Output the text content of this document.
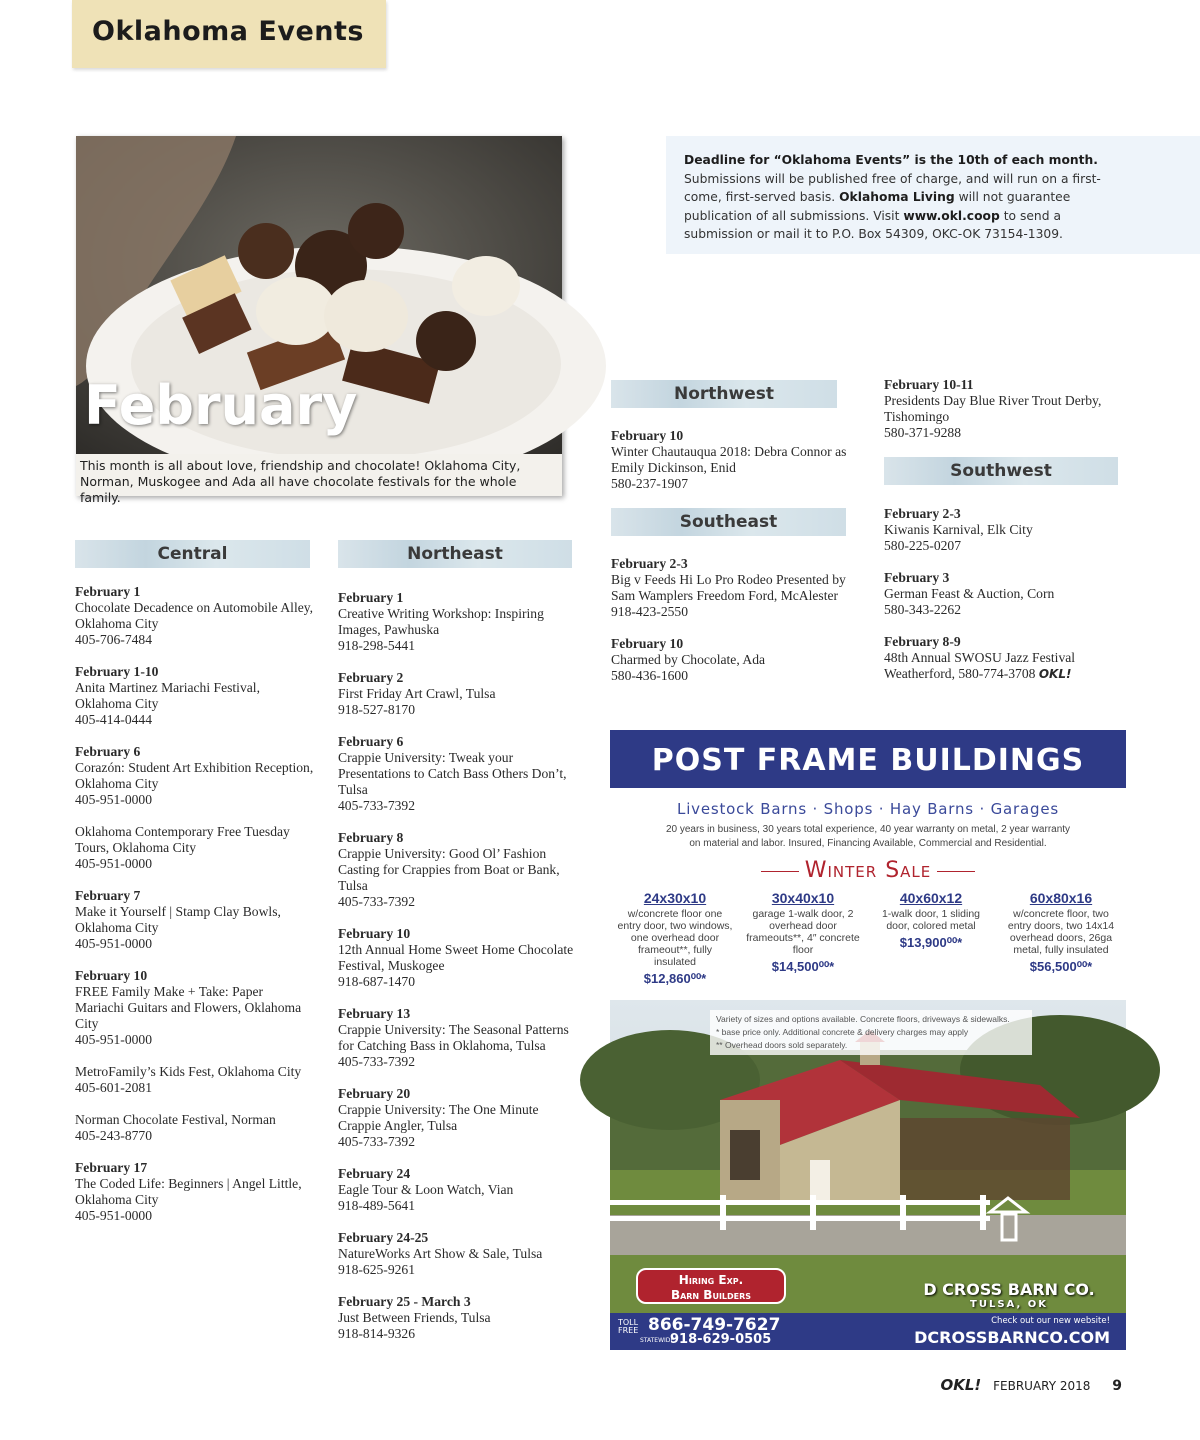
Oklahoma Events
February
This month is all about love, friendship and chocolate! Oklahoma City, Norman, Muskogee and Ada all have chocolate festivals for the whole family.
Deadline for “Oklahoma Events” is the 10th of each month.
Submissions will be published free of charge, and will run on a first-come, first-served basis. Oklahoma Living will not guarantee publication of all submissions. Visit www.okl.coop to send a submission or mail it to P.O. Box 54309, OKC-OK 73154-1309.
Central
February 1
Chocolate Decadence on Automobile Alley, Oklahoma City
405-706-7484
February 1-10
Anita Martinez Mariachi Festival, Oklahoma City
405-414-0444
February 6
Corazón: Student Art Exhibition Reception, Oklahoma City
405-951-0000
Oklahoma Contemporary Free Tuesday Tours, Oklahoma City
405-951-0000
February 7
Make it Yourself | Stamp Clay Bowls, Oklahoma City
405-951-0000
February 10
FREE Family Make + Take: Paper Mariachi Guitars and Flowers, Oklahoma City
405-951-0000
MetroFamily’s Kids Fest, Oklahoma City
405-601-2081
Norman Chocolate Festival, Norman
405-243-8770
February 17
The Coded Life: Beginners | Angel Little, Oklahoma City
405-951-0000
Northeast
February 1
Creative Writing Workshop: Inspiring Images, Pawhuska
918-298-5441
February 2
First Friday Art Crawl, Tulsa
918-527-8170
February 6
Crappie University: Tweak your Presentations to Catch Bass Others Don’t, Tulsa
405-733-7392
February 8
Crappie University: Good Ol’ Fashion Casting for Crappies from Boat or Bank, Tulsa
405-733-7392
February 10
12th Annual Home Sweet Home Chocolate Festival, Muskogee
918-687-1470
February 13
Crappie University: The Seasonal Patterns for Catching Bass in Oklahoma, Tulsa
405-733-7392
February 20
Crappie University: The One Minute Crappie Angler, Tulsa
405-733-7392
February 24
Eagle Tour & Loon Watch, Vian
918-489-5641
February 24-25
NatureWorks Art Show & Sale, Tulsa
918-625-9261
February 25 - March 3
Just Between Friends, Tulsa
918-814-9326
Northwest
February 10
Winter Chautauqua 2018: Debra Connor as Emily Dickinson, Enid
580-237-1907
Southeast
February 2-3
Big v Feeds Hi Lo Pro Rodeo Presented by Sam Wamplers Freedom Ford, McAlester
918-423-2550
February 10
Charmed by Chocolate, Ada
580-436-1600
February 10-11
Presidents Day Blue River Trout Derby, Tishomingo
580-371-9288
Southwest
February 2-3
Kiwanis Karnival, Elk City
580-225-0207
February 3
German Feast & Auction, Corn
580-343-2262
February 8-9
48th Annual SWOSU Jazz Festival
Weatherford, 580-774-3708 OKL!
POST FRAME BUILDINGS
Livestock Barns · Shops · Hay Barns · Garages
20 years in business, 30 years total experience, 40 year warranty on metal, 2 year warranty
on material and labor. Insured, Financing Available, Commercial and Residential.
Winter Sale
24x30x10
w/concrete floor one entry door, two windows, one overhead door frameout**, fully insulated
$12,860⁰⁰*
30x40x10
garage 1-walk door, 2 overhead door frameouts**, 4″ concrete floor
$14,500⁰⁰*
40x60x12
1-walk door, 1 sliding door, colored metal
$13,900⁰⁰*
60x80x16
w/concrete floor, two entry doors, two 14x14 overhead doors, 26ga metal, fully insulated
$56,500⁰⁰*
Variety of sizes and options available. Concrete floors, driveways & sidewalks.
* base price only. Additional concrete & delivery charges may apply
** Overhead doors sold separately.
Hiring Exp.
Barn Builders	D CROSS BARN CO.
TULSA, OK
TOLL FREE 866-749-7627
STATEWIDE
918-629-0505
Check out our new website!
DCROSSBARNCO.COM
OKL! FEBRUARY 2018 9
